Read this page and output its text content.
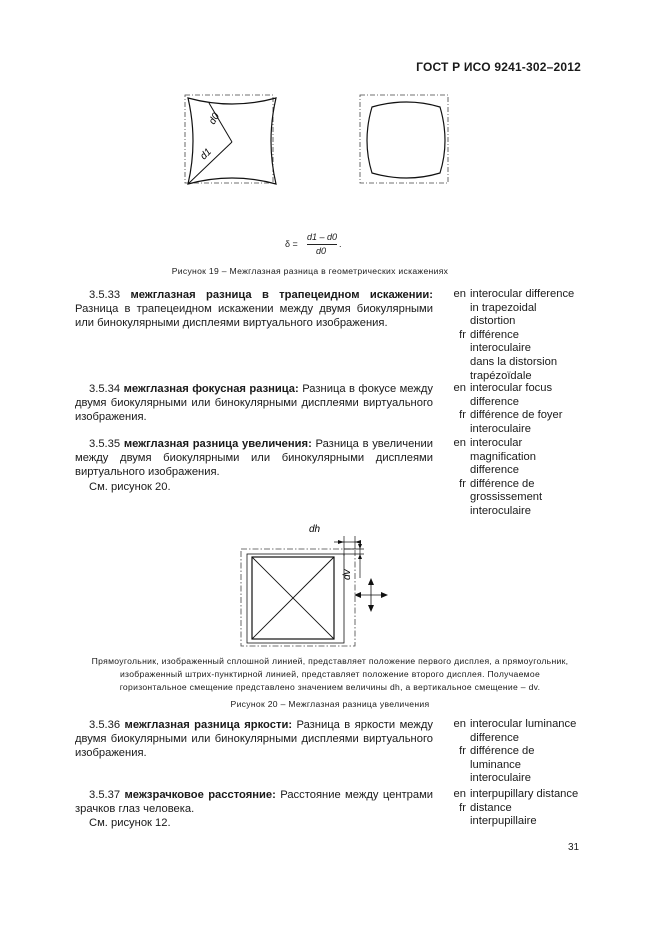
ГОСТ Р ИСО 9241-302–2012
d0
d1
δ =
d1 – d0
d0
.
Рисунок 19 – Межглазная разница в геометрических искажениях
3.5.33 межглазная разница в трапецеидном искажении: Разница в трапецеидном искажении между двумя биокулярными или бинокулярными дисплеями виртуального изображения.
en interocular difference
in trapezoidal
distortion
fr différence
interoculaire
dans la distorsion
trapézoïdale
3.5.34 межглазная фокусная разница: Разница в фокусе между двумя биокулярными или бинокулярными дисплеями виртуального изображения.
en interocular focus
difference
fr différence de foyer
interoculaire
3.5.35 межглазная разница увеличения: Разница в увеличении между двумя биокулярными или бинокулярными дисплеями виртуального изображения.
См. рисунок 20.
en interocular
magnification
difference
fr différence de
grossissement
interoculaire
dh
dv
Прямоугольник, изображенный сплошной линией, представляет положение первого дисплея, а прямоугольник,
изображенный штрих-пунктирной линией, представляет положение второго дисплея. Получаемое
горизонтальное смещение представлено значением величины dh, а вертикальное смещение – dv.
Рисунок 20 – Межглазная разница увеличения
3.5.36 межглазная разница яркости: Разница в яркости между двумя биокулярными или бинокулярными дисплеями виртуального изображения.
en interocular luminance
difference
fr différence de
luminance
interoculaire
3.5.37 межзрачковое расстояние: Расстояние между центрами зрачков глаз человека.
См. рисунок 12.
en interpupillary distance
fr distance
interpupillaire
31
